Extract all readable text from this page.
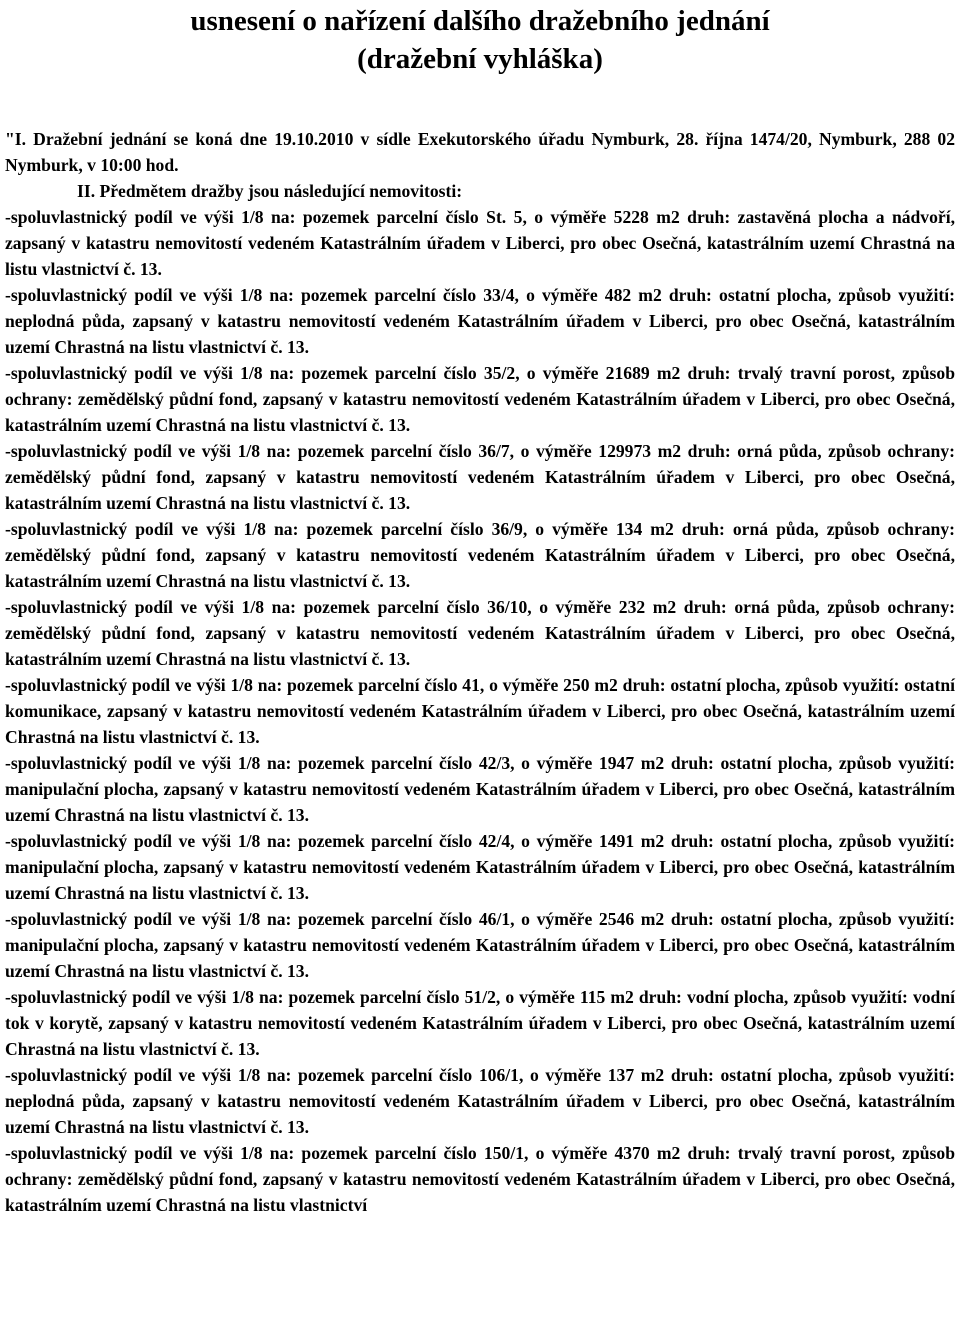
usnesení o nařízení dalšího dražebního jednání
(dražební vyhláška)

"I. Dražební jednání se koná dne 19.10.2010 v sídle Exekutorského úřadu Nymburk, 28. října 1474/20, Nymburk, 288 02 Nymburk, v 10:00 hod.

II. Předmětem dražby jsou následující nemovitosti:

-spoluvlastnický podíl ve výši 1/8 na: pozemek parcelní číslo St. 5, o výměře 5228 m2 druh: zastavěná plocha a nádvoří, zapsaný v katastru nemovitostí vedeném Katastrálním úřadem v Liberci, pro obec Osečná, katastrálním uzemí Chrastná na listu vlastnictví č. 13.

-spoluvlastnický podíl ve výši 1/8 na: pozemek parcelní číslo 33/4, o výměře 482 m2 druh: ostatní plocha, způsob využití: neplodná půda, zapsaný v katastru nemovitostí vedeném Katastrálním úřadem v Liberci, pro obec Osečná, katastrálním uzemí Chrastná na listu vlastnictví č. 13.

-spoluvlastnický podíl ve výši 1/8 na: pozemek parcelní číslo 35/2, o výměře 21689 m2 druh: trvalý travní porost, způsob ochrany: zemědělský půdní fond, zapsaný v katastru nemovitostí vedeném Katastrálním úřadem v Liberci, pro obec Osečná, katastrálním uzemí Chrastná na listu vlastnictví č. 13.

-spoluvlastnický podíl ve výši 1/8 na: pozemek parcelní číslo 36/7, o výměře 129973 m2 druh: orná půda, způsob ochrany: zemědělský půdní fond, zapsaný v katastru nemovitostí vedeném Katastrálním úřadem v Liberci, pro obec Osečná, katastrálním uzemí Chrastná na listu vlastnictví č. 13.

-spoluvlastnický podíl ve výši 1/8 na: pozemek parcelní číslo 36/9, o výměře 134 m2 druh: orná půda, způsob ochrany: zemědělský půdní fond, zapsaný v katastru nemovitostí vedeném Katastrálním úřadem v Liberci, pro obec Osečná, katastrálním uzemí Chrastná na listu vlastnictví č. 13.

-spoluvlastnický podíl ve výši 1/8 na: pozemek parcelní číslo 36/10, o výměře 232 m2 druh: orná půda, způsob ochrany: zemědělský půdní fond, zapsaný v katastru nemovitostí vedeném Katastrálním úřadem v Liberci, pro obec Osečná, katastrálním uzemí Chrastná na listu vlastnictví č. 13.

-spoluvlastnický podíl ve výši 1/8 na: pozemek parcelní číslo 41, o výměře 250 m2 druh: ostatní plocha, způsob využití: ostatní komunikace, zapsaný v katastru nemovitostí vedeném Katastrálním úřadem v Liberci, pro obec Osečná, katastrálním uzemí Chrastná na listu vlastnictví č. 13.

-spoluvlastnický podíl ve výši 1/8 na: pozemek parcelní číslo 42/3, o výměře 1947 m2 druh: ostatní plocha, způsob využití: manipulační plocha, zapsaný v katastru nemovitostí vedeném Katastrálním úřadem v Liberci, pro obec Osečná, katastrálním uzemí Chrastná na listu vlastnictví č. 13.

-spoluvlastnický podíl ve výši 1/8 na: pozemek parcelní číslo 42/4, o výměře 1491 m2 druh: ostatní plocha, způsob využití: manipulační plocha, zapsaný v katastru nemovitostí vedeném Katastrálním úřadem v Liberci, pro obec Osečná, katastrálním uzemí Chrastná na listu vlastnictví č. 13.

-spoluvlastnický podíl ve výši 1/8 na: pozemek parcelní číslo 46/1, o výměře 2546 m2 druh: ostatní plocha, způsob využití: manipulační plocha, zapsaný v katastru nemovitostí vedeném Katastrálním úřadem v Liberci, pro obec Osečná, katastrálním uzemí Chrastná na listu vlastnictví č. 13.

-spoluvlastnický podíl ve výši 1/8 na: pozemek parcelní číslo 51/2, o výměře 115 m2 druh: vodní plocha, způsob využití: vodní tok v korytě, zapsaný v katastru nemovitostí vedeném Katastrálním úřadem v Liberci, pro obec Osečná, katastrálním uzemí Chrastná na listu vlastnictví č. 13.

-spoluvlastnický podíl ve výši 1/8 na: pozemek parcelní číslo 106/1, o výměře 137 m2 druh: ostatní plocha, způsob využití: neplodná půda, zapsaný v katastru nemovitostí vedeném Katastrálním úřadem v Liberci, pro obec Osečná, katastrálním uzemí Chrastná na listu vlastnictví č. 13.

-spoluvlastnický podíl ve výši 1/8 na: pozemek parcelní číslo 150/1, o výměře 4370 m2 druh: trvalý travní porost, způsob ochrany: zemědělský půdní fond, zapsaný v katastru nemovitostí vedeném Katastrálním úřadem v Liberci, pro obec Osečná, katastrálním uzemí Chrastná na listu vlastnictví
